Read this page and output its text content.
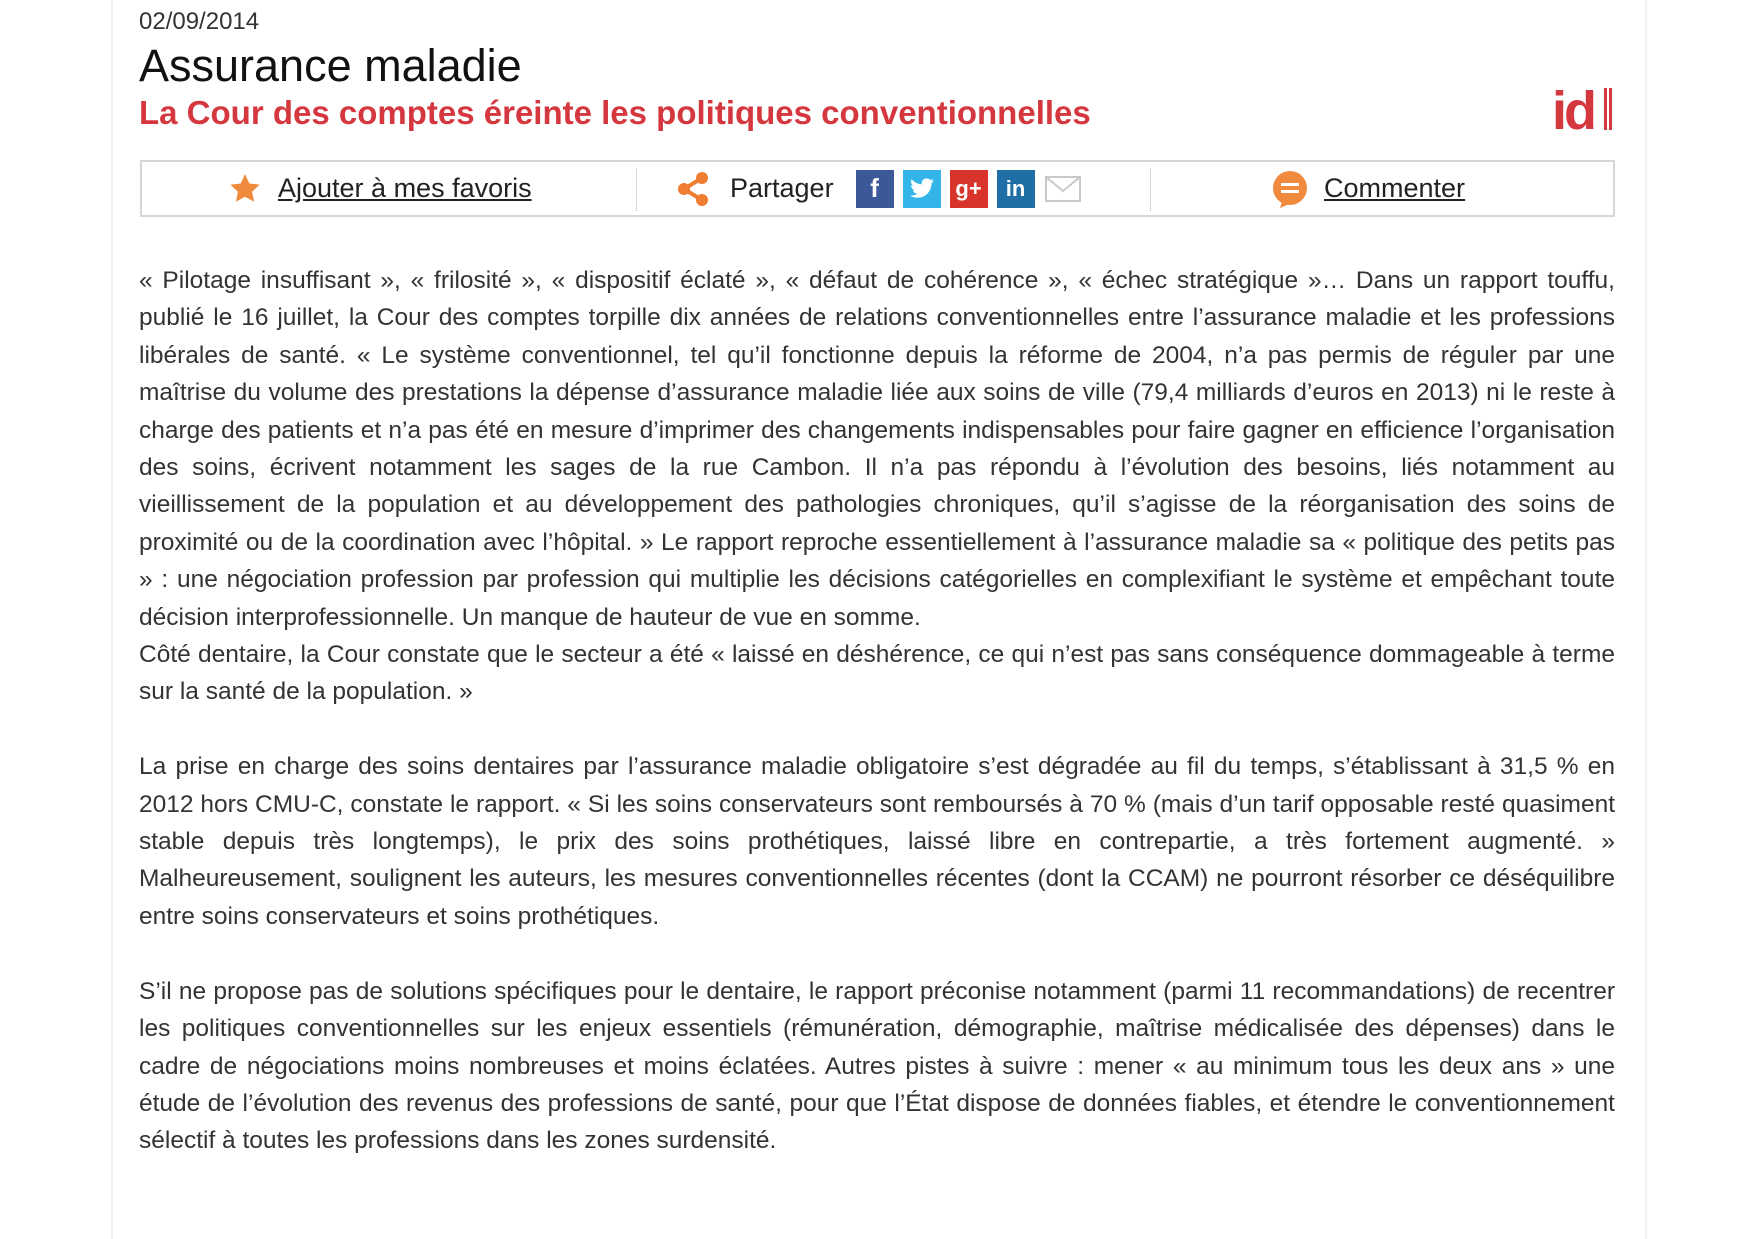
02/09/2014
Assurance maladie
La Cour des comptes éreinte les politiques conventionnelles	id
Ajouter à mes favoris	Partager	f	g+	in	Commenter

« Pilotage insuffisant », « frilosité », « dispositif éclaté », « défaut de cohérence », « échec stratégique »… Dans un rapport touffu, publié le 16 juillet, la Cour des comptes torpille dix années de relations conventionnelles entre l’assurance maladie et les professions libérales de santé. « Le système conventionnel, tel qu’il fonctionne depuis la réforme de 2004, n’a pas permis de réguler par une maîtrise du volume des prestations la dépense d’assurance maladie liée aux soins de ville (79,4 milliards d’euros en 2013) ni le reste à charge des patients et n’a pas été en mesure d’imprimer des changements indispensables pour faire gagner en efficience l’organisation des soins, écrivent notamment les sages de la rue Cambon. Il n’a pas répondu à l’évolution des besoins, liés notamment au vieillissement de la population et au développement des pathologies chroniques, qu’il s’agisse de la réorganisation des soins de proximité ou de la coordination avec l’hôpital. » Le rapport reproche essentiellement à l’assurance maladie sa « politique des petits pas » : une négociation profession par profession qui multiplie les décisions catégorielles en complexifiant le système et empêchant toute décision interprofessionnelle. Un manque de hauteur de vue en somme.

Côté dentaire, la Cour constate que le secteur a été « laissé en déshérence, ce qui n’est pas sans conséquence dommageable à terme sur la santé de la population. »

La prise en charge des soins dentaires par l’assurance maladie obligatoire s’est dégradée au fil du temps, s’établissant à 31,5 % en 2012 hors CMU-C, constate le rapport. « Si les soins conservateurs sont remboursés à 70 % (mais d’un tarif opposable resté quasiment stable depuis très longtemps), le prix des soins prothétiques, laissé libre en contrepartie, a très fortement augmenté. » Malheureusement, soulignent les auteurs, les mesures conventionnelles récentes (dont la CCAM) ne pourront résorber ce déséquilibre entre soins conservateurs et soins prothétiques.

S’il ne propose pas de solutions spécifiques pour le dentaire, le rapport préconise notamment (parmi 11 recommandations) de recentrer les politiques conventionnelles sur les enjeux essentiels (rémunération, démographie, maîtrise médicalisée des dépenses) dans le cadre de négociations moins nombreuses et moins éclatées. Autres pistes à suivre : mener « au minimum tous les deux ans » une étude de l’évolution des revenus des professions de santé, pour que l’État dispose de données fiables, et étendre le conventionnement sélectif à toutes les professions dans les zones surdensité.
